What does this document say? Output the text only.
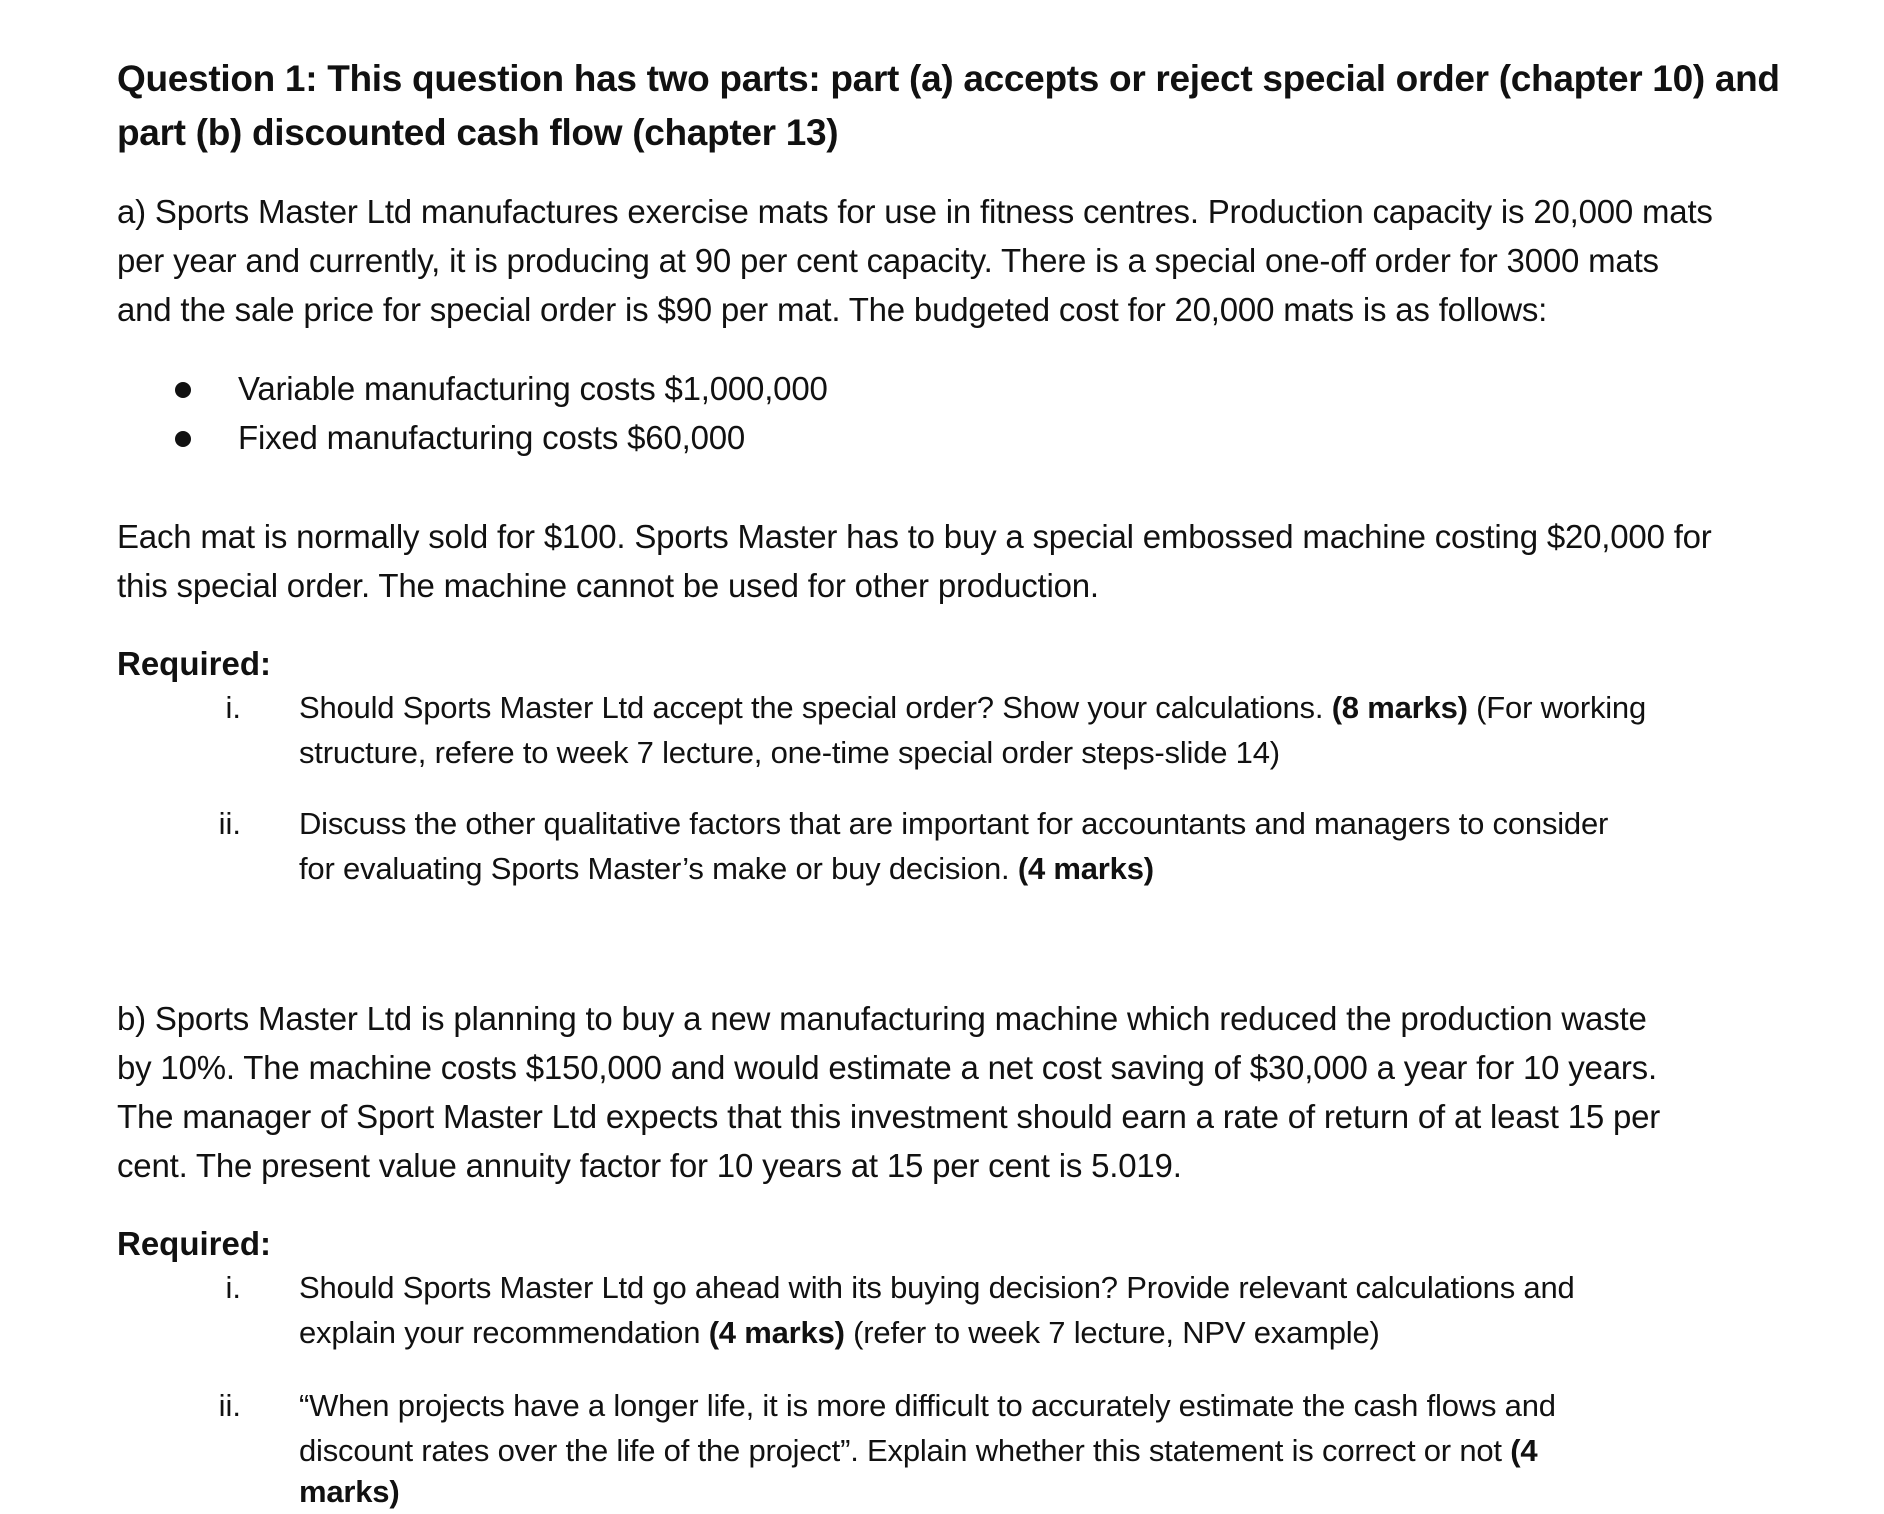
Question 1: This question has two parts: part (a) accepts or reject special order (chapter 10) and
part (b) discounted cash flow (chapter 13)
a) Sports Master Ltd manufactures exercise mats for use in fitness centres. Production capacity is 20,000 mats
per year and currently, it is producing at 90 per cent capacity. There is a special one-off order for 3000 mats
and the sale price for special order is $90 per mat. The budgeted cost for 20,000 mats is as follows:
Variable manufacturing costs $1,000,000
Fixed manufacturing costs $60,000
Each mat is normally sold for $100. Sports Master has to buy a special embossed machine costing $20,000 for
this special order. The machine cannot be used for other production.
Required:
i. Should Sports Master Ltd accept the special order? Show your calculations. (8 marks) (For working
structure, refere to week 7 lecture, one-time special order steps-slide 14)
ii. Discuss the other qualitative factors that are important for accountants and managers to consider
for evaluating Sports Master’s make or buy decision. (4 marks)
b) Sports Master Ltd is planning to buy a new manufacturing machine which reduced the production waste
by 10%. The machine costs $150,000 and would estimate a net cost saving of $30,000 a year for 10 years.
The manager of Sport Master Ltd expects that this investment should earn a rate of return of at least 15 per
cent. The present value annuity factor for 10 years at 15 per cent is 5.019.
Required:
i. Should Sports Master Ltd go ahead with its buying decision? Provide relevant calculations and
explain your recommendation (4 marks) (refer to week 7 lecture, NPV example)
ii. “When projects have a longer life, it is more difficult to accurately estimate the cash flows and
discount rates over the life of the project”. Explain whether this statement is correct or not (4
marks)
